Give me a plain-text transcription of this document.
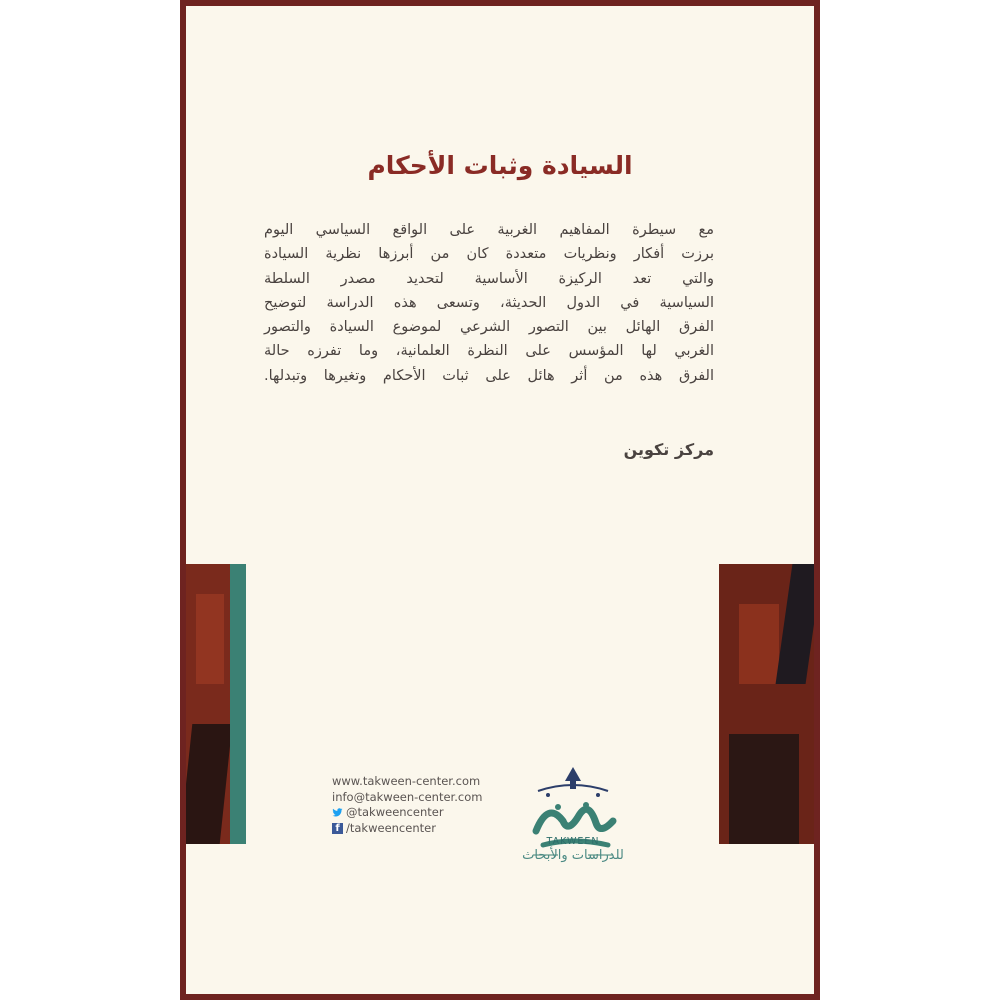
السيادة وثبات الأحكام
مع سيطرة المفاهيم الغربية على الواقع السياسي اليوم
برزت أفكار ونظريات متعددة كان من أبرزها نظرية السيادة
والتي تعد الركيزة الأساسية لتحديد مصدر السلطة
السياسية في الدول الحديثة، وتسعى هذه الدراسة لتوضيح
الفرق الهائل بين التصور الشرعي لموضوع السيادة والتصور
الغربي لها المؤسس على النظرة العلمانية، وما تفرزه حالة
الفرق هذه من أثر هائل على ثبات الأحكام وتغيرها وتبدلها.
مركز تكوين
www.takween-center.com
info@takween-center.com
@takweencenter
f /takweencenter
TAKWEEN
للدراسات والأبحاث
